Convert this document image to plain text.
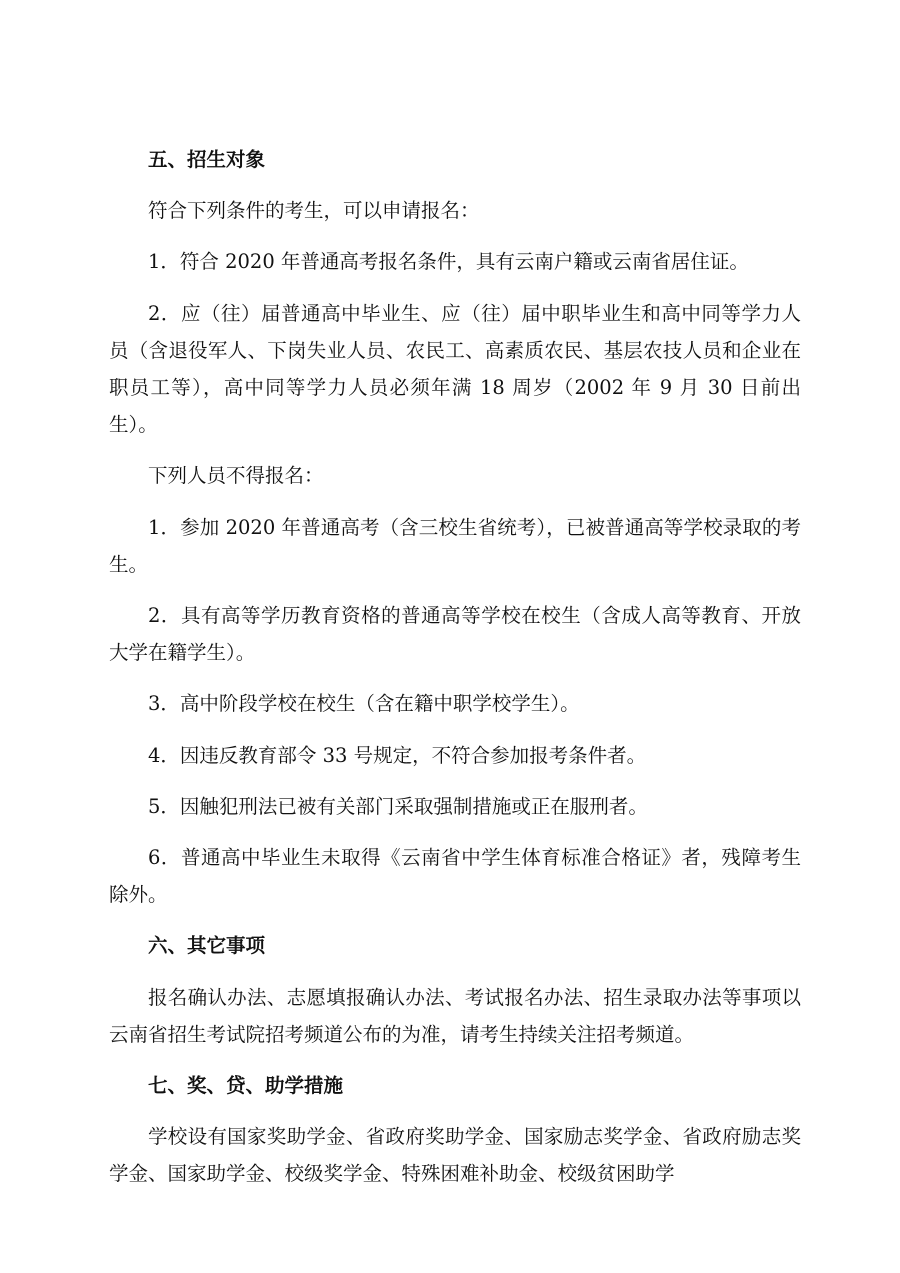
五、招生对象

符合下列条件的考生，可以申请报名：

1．符合 2020 年普通高考报名条件，具有云南户籍或云南省居住证。

2．应（往）届普通高中毕业生、应（往）届中职毕业生和高中同等学力人员（含退役军人、下岗失业人员、农民工、高素质农民、基层农技人员和企业在职员工等），高中同等学力人员必须年满 18 周岁（2002 年 9 月 30 日前出生）。

下列人员不得报名：

1．参加 2020 年普通高考（含三校生省统考），已被普通高等学校录取的考生。

2．具有高等学历教育资格的普通高等学校在校生（含成人高等教育、开放大学在籍学生）。

3．高中阶段学校在校生（含在籍中职学校学生）。

4．因违反教育部令 33 号规定，不符合参加报考条件者。

5．因触犯刑法已被有关部门采取强制措施或正在服刑者。

6．普通高中毕业生未取得《云南省中学生体育标准合格证》者，残障考生除外。

六、其它事项

报名确认办法、志愿填报确认办法、考试报名办法、招生录取办法等事项以云南省招生考试院招考频道公布的为准，请考生持续关注招考频道。

七、奖、贷、助学措施

学校设有国家奖助学金、省政府奖助学金、国家励志奖学金、省政府励志奖学金、国家助学金、校级奖学金、特殊困难补助金、校级贫困助学
